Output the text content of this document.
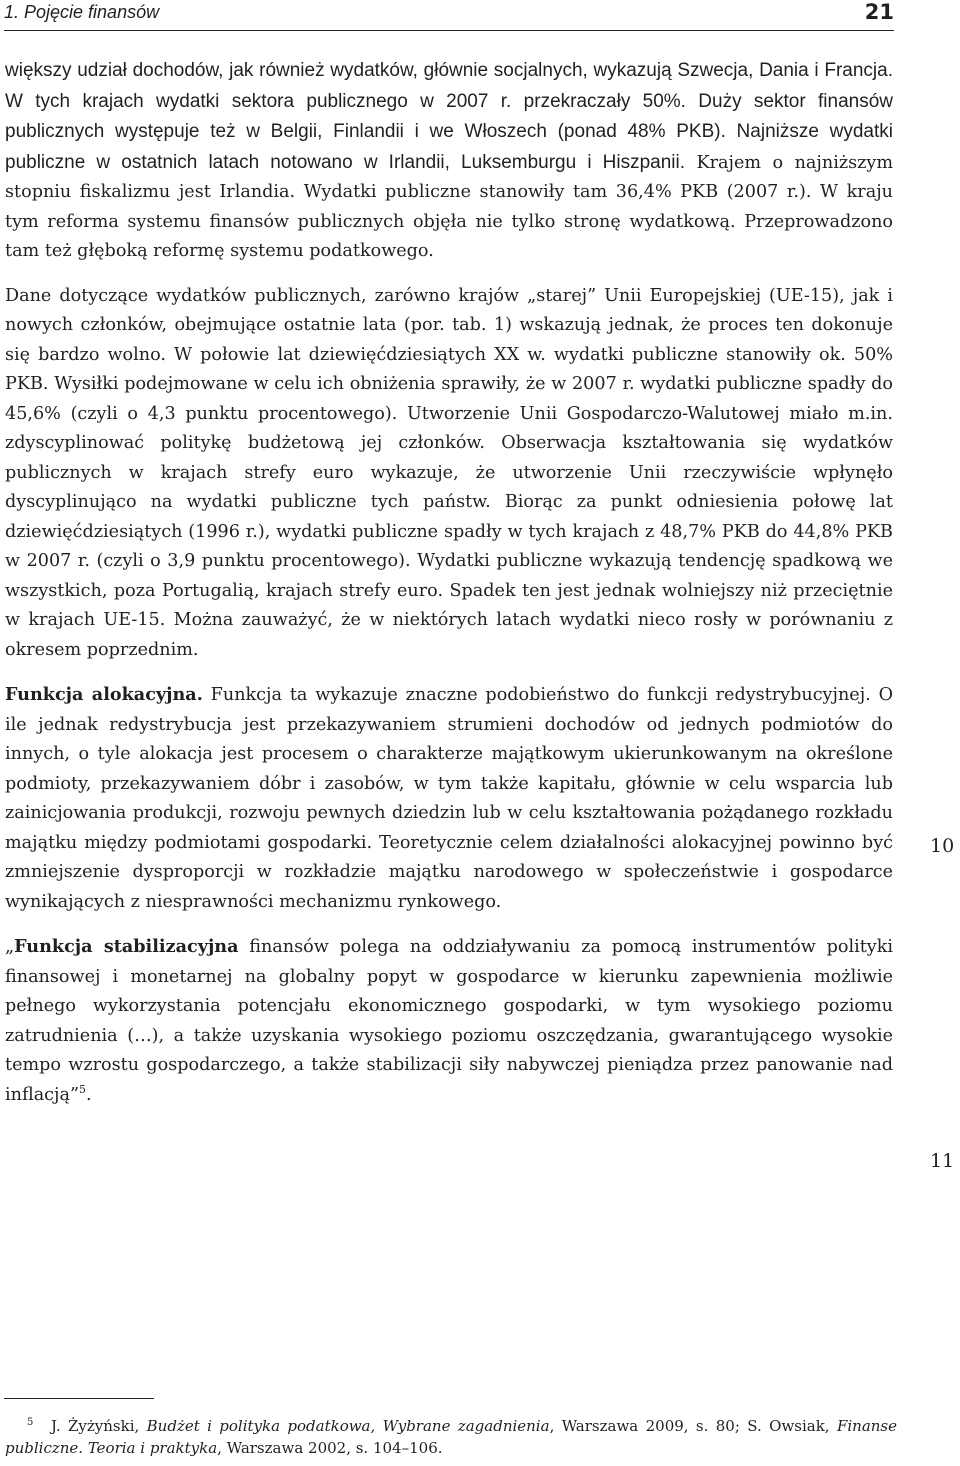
1. Pojęcie finansów	21

większy udział dochodów, jak również wydatków, głównie socjalnych, wykazują Szwecja, Dania i Francja. W tych krajach wydatki sektora publicznego w 2007 r. przekraczały 50%. Duży sektor finansów publicznych występuje też w Belgii, Finlandii i we Włoszech (ponad 48% PKB). Najniższe wydatki publiczne w ostatnich latach notowano w Irlandii, Luksemburgu i Hiszpanii. Krajem o najniższym stopniu fiskalizmu jest Irlandia. Wydatki publiczne stanowiły tam 36,4% PKB (2007 r.). W kraju tym reforma systemu finansów publicznych objęła nie tylko stronę wydatkową. Przeprowadzono tam też głęboką reformę systemu podatkowego.

Dane dotyczące wydatków publicznych, zarówno krajów „starej” Unii Europejskiej (UE-15), jak i nowych członków, obejmujące ostatnie lata (por. tab. 1) wskazują jednak, że proces ten dokonuje się bardzo wolno. W połowie lat dziewięćdziesiątych XX w. wydatki publiczne stanowiły ok. 50% PKB. Wysiłki podejmowane w celu ich obniżenia sprawiły, że w 2007 r. wydatki publiczne spadły do 45,6% (czyli o 4,3 punktu procentowego). Utworzenie Unii Gospodarczo-Walutowej miało m.in. zdyscyplinować politykę budżetową jej członków. Obserwacja kształtowania się wydatków publicznych w krajach strefy euro wykazuje, że utworzenie Unii rzeczywiście wpłynęło dyscyplinująco na wydatki publiczne tych państw. Biorąc za punkt odniesienia połowę lat dziewięćdziesiątych (1996 r.), wydatki publiczne spadły w tych krajach z 48,7% PKB do 44,8% PKB w 2007 r. (czyli o 3,9 punktu procentowego). Wydatki publiczne wykazują tendencję spadkową we wszystkich, poza Portugalią, krajach strefy euro. Spadek ten jest jednak wolniejszy niż przeciętnie w krajach UE-15. Można zauważyć, że w niektórych latach wydatki nieco rosły w porównaniu z okresem poprzednim.

Funkcja alokacyjna. Funkcja ta wykazuje znaczne podobieństwo do funkcji redystrybucyjnej. O ile jednak redystrybucja jest przekazywaniem strumieni dochodów od jednych podmiotów do innych, o tyle alokacja jest procesem o charakterze majątkowym ukierunkowanym na określone podmioty, przekazywaniem dóbr i zasobów, w tym także kapitału, głównie w celu wsparcia lub zainicjowania produkcji, rozwoju pewnych dziedzin lub w celu kształtowania pożądanego rozkładu majątku między podmiotami gospodarki. Teoretycznie celem działalności alokacyjnej powinno być zmniejszenie dysproporcji w rozkładzie majątku narodowego w społeczeństwie i gospodarce wynikających z niesprawności mechanizmu rynkowego.

„Funkcja stabilizacyjna finansów polega na oddziaływaniu za pomocą instrumentów polityki finansowej i monetarnej na globalny popyt w gospodarce w kierunku zapewnienia możliwie pełnego wykorzystania potencjału ekonomicznego gospodarki, w tym wysokiego poziomu zatrudnienia (…), a także uzyskania wysokiego poziomu oszczędzania, gwarantującego wysokie tempo wzrostu gospodarczego, a także stabilizacji siły nabywczej pieniądza przez panowanie nad inflacją”$^5$.

10
11
5 J. Żyżyński, Budżet i polityka podatkowa, Wybrane zagadnienia, Warszawa 2009, s. 80; S. Owsiak, Finanse publiczne. Teoria i praktyka, Warszawa 2002, s. 104–106.
